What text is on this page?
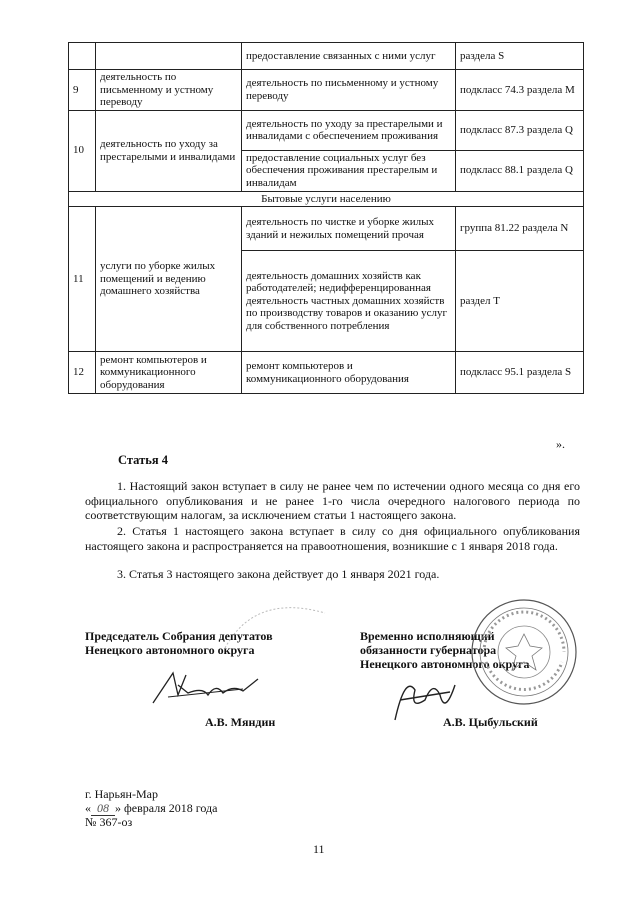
		предоставление связанных с ними услуг	раздела S
9	деятельность по письменному и устному переводу	деятельность по письменному и устному переводу	подкласс 74.3 раздела М
10	деятельность по уходу за престарелыми и инвалидами	деятельность по уходу за престарелыми и инвалидами с обеспечением проживания	подкласс 87.3 раздела Q
		предоставление социальных услуг без обеспечения проживания престарелым и инвалидам	подкласс 88.1 раздела Q
Бытовые услуги населению			
11	услуги по уборке жилых помещений и ведению домашнего хозяйства	деятельность по чистке и уборке жилых зданий и нежилых помещений прочая	группа 81.22 раздела N
		деятельность домашних хозяйств как работодателей; недифференцированная деятельность частных домашних хозяйств по производству товаров и оказанию услуг для собственного потребления	раздел Т
12	ремонт компьютеров и коммуникационного оборудования	ремонт компьютеров и коммуникационного оборудования	подкласс 95.1 раздела S
».
Статья 4

1. Настоящий закон вступает в силу не ранее чем по истечении одного месяца со дня его официального опубликования и не ранее 1-го числа очередного налогового периода по соответствующим налогам, за исключением статьи 1 настоящего закона.

2. Статья 1 настоящего закона вступает в силу со дня официального опубликования настоящего закона и распространяется на правоотношения, возникшие с 1 января 2018 года.

3. Статья 3 настоящего закона действует до 1 января 2021 года.

Председатель Собрания депутатов
Ненецкого автономного округа
Временно исполняющий
обязанности губернатора
Ненецкого автономного округа
А.В. Мяндин	А.В. Цыбульский
г. Нарьян-Мар
« 08 » февраля 2018 года
№ 367-оз
11
